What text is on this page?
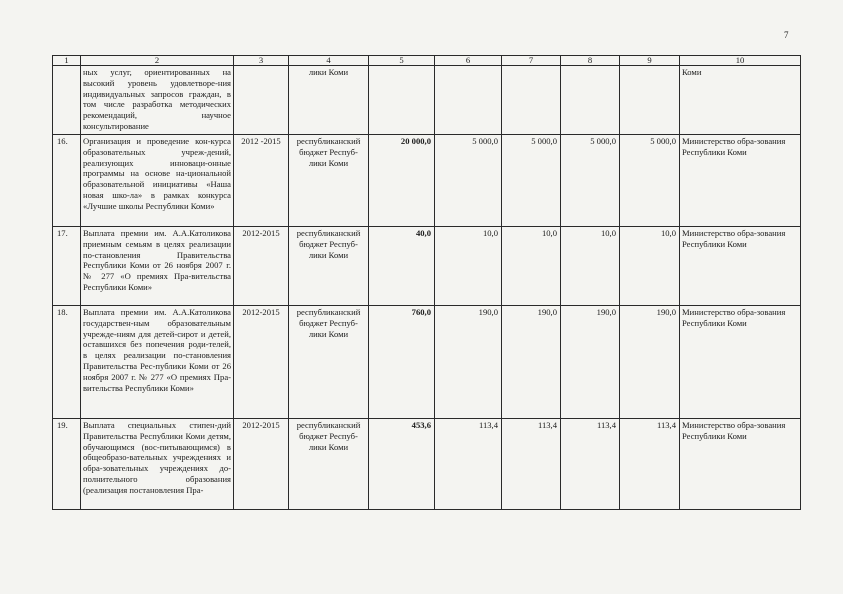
7
1	2	3	4	5	6	7	8	9	10
	ных услуг, ориентированных на высокий уровень удовлетворе-ния индивидуальных запросов граждан, в том числе разработка методических рекомендаций, научное консультирование		лики Коми						Коми
16.	Организация и проведение кон-курса образовательных учреж-дений, реализующих инноваци-онные программы на основе на-циональной образовательной инициативы «Наша новая шко-ла» в рамках конкурса «Лучшие школы Республики Коми»	2012 -2015	республиканский бюджет Респуб-лики Коми	20 000,0	5 000,0	5 000,0	5 000,0	5 000,0	Министерство обра-зования Республики Коми
17.	Выплата премии им. А.А.Католикова приемным семьям в целях реализации по-становления Правительства Республики Коми от 26 ноября 2007 г. № 277 «О премиях Пра-вительства Республики Коми»	2012-2015	республиканский бюджет Респуб-лики Коми	40,0	10,0	10,0	10,0	10,0	Министерство обра-зования Республики Коми
18.	Выплата премии им. А.А.Католикова государствен-ным образовательным учрежде-ниям для детей-сирот и детей, оставшихся без попечения роди-телей, в целях реализации по-становления Правительства Рес-публики Коми от 26 ноября 2007 г. № 277 «О премиях Пра-вительства Республики Коми»	2012-2015	республиканский бюджет Респуб-лики Коми	760,0	190,0	190,0	190,0	190,0	Министерство обра-зования Республики Коми
19.	Выплата специальных стипен-дий Правительства Республики Коми детям, обучающимся (вос-питывающимся) в общеобразо-вательных учреждениях и обра-зовательных учреждениях до-полнительного образования (реализация постановления Пра-	2012-2015	республиканский бюджет Респуб-лики Коми	453,6	113,4	113,4	113,4	113,4	Министерство обра-зования Республики Коми
